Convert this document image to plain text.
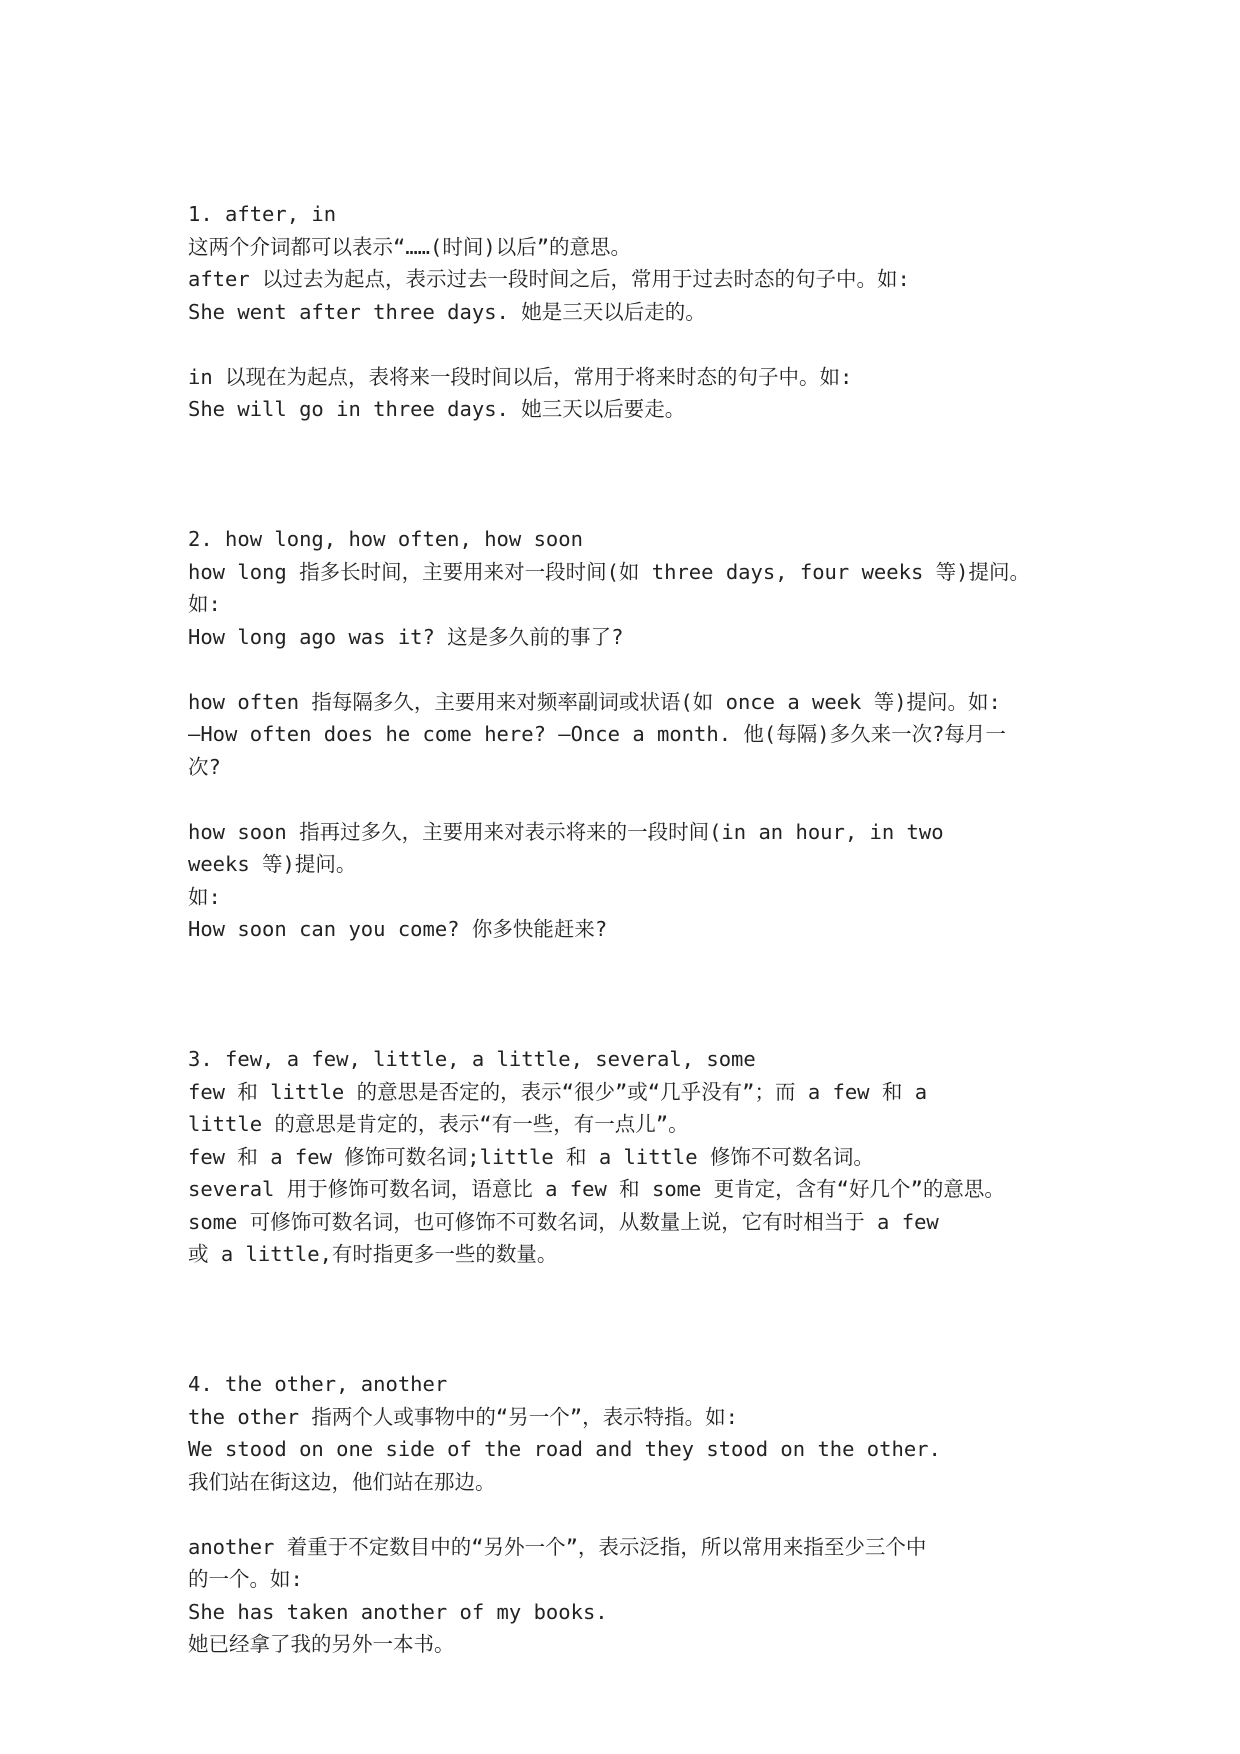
1. after, in
这两个介词都可以表示“……(时间)以后”的意思。
after 以过去为起点，表示过去一段时间之后，常用于过去时态的句子中。如:
She went after three days. 她是三天以后走的。
in 以现在为起点，表将来一段时间以后，常用于将来时态的句子中。如:
She will go in three days. 她三天以后要走。
2. how long, how often, how soon
how long 指多长时间，主要用来对一段时间(如 three days, four weeks 等)提问。
如:
How long ago was it? 这是多久前的事了?
how often 指每隔多久，主要用来对频率副词或状语(如 once a week 等)提问。如:
—How often does he come here? —Once a month. 他(每隔)多久来一次?每月一
次?
how soon 指再过多久，主要用来对表示将来的一段时间(in an hour, in two
weeks 等)提问。
如:
How soon can you come? 你多快能赶来?
3. few, a few, little, a little, several, some
few 和 little 的意思是否定的，表示“很少”或“几乎没有”；而 a few 和 a
little 的意思是肯定的，表示“有一些，有一点儿”。
few 和 a few 修饰可数名词;little 和 a little 修饰不可数名词。
several 用于修饰可数名词，语意比 a few 和 some 更肯定，含有“好几个”的意思。
some 可修饰可数名词，也可修饰不可数名词，从数量上说，它有时相当于 a few
或 a little,有时指更多一些的数量。
4. the other, another
the other 指两个人或事物中的“另一个”，表示特指。如:
We stood on one side of the road and they stood on the other.
我们站在街这边，他们站在那边。
another 着重于不定数目中的“另外一个”，表示泛指，所以常用来指至少三个中
的一个。如:
She has taken another of my books.
她已经拿了我的另外一本书。
